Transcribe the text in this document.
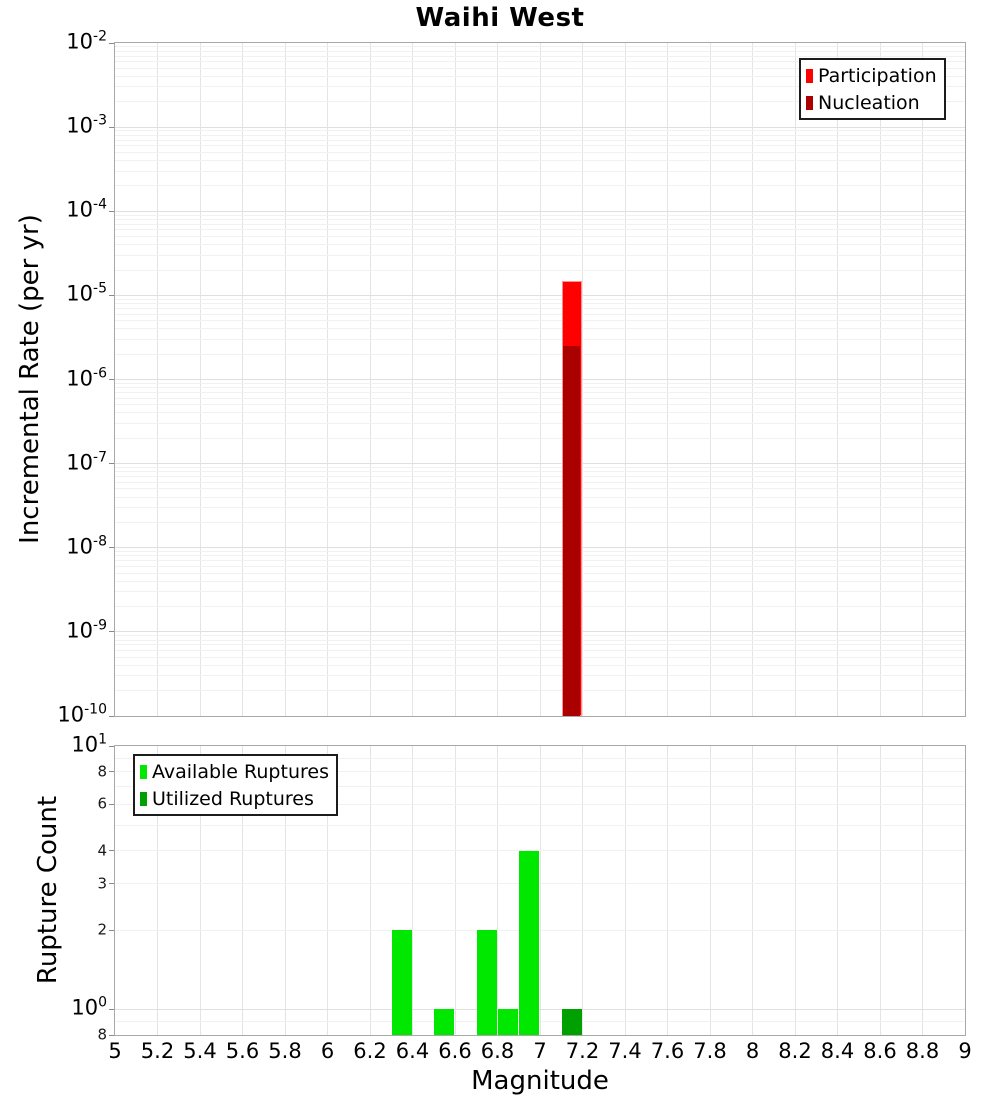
Waihi West
Incremental Rate (per yr)
Rupture Count
Magnitude
Participation
Nucleation
Available Ruptures
Utilized Ruptures
$10^{-2}$
$10^{-3}$
$10^{-4}$
$10^{-5}$
$10^{-6}$
$10^{-7}$
$10^{-8}$
$10^{-9}$
$10^{-10}$
$10^1$
8
6
4
3
2
$10^0$
8
5 5.2 5.4 5.6 5.8 6 6.2 6.4 6.6 6.8 7 7.2 7.4 7.6 7.8 8 8.2 8.4 8.6 8.8 9
